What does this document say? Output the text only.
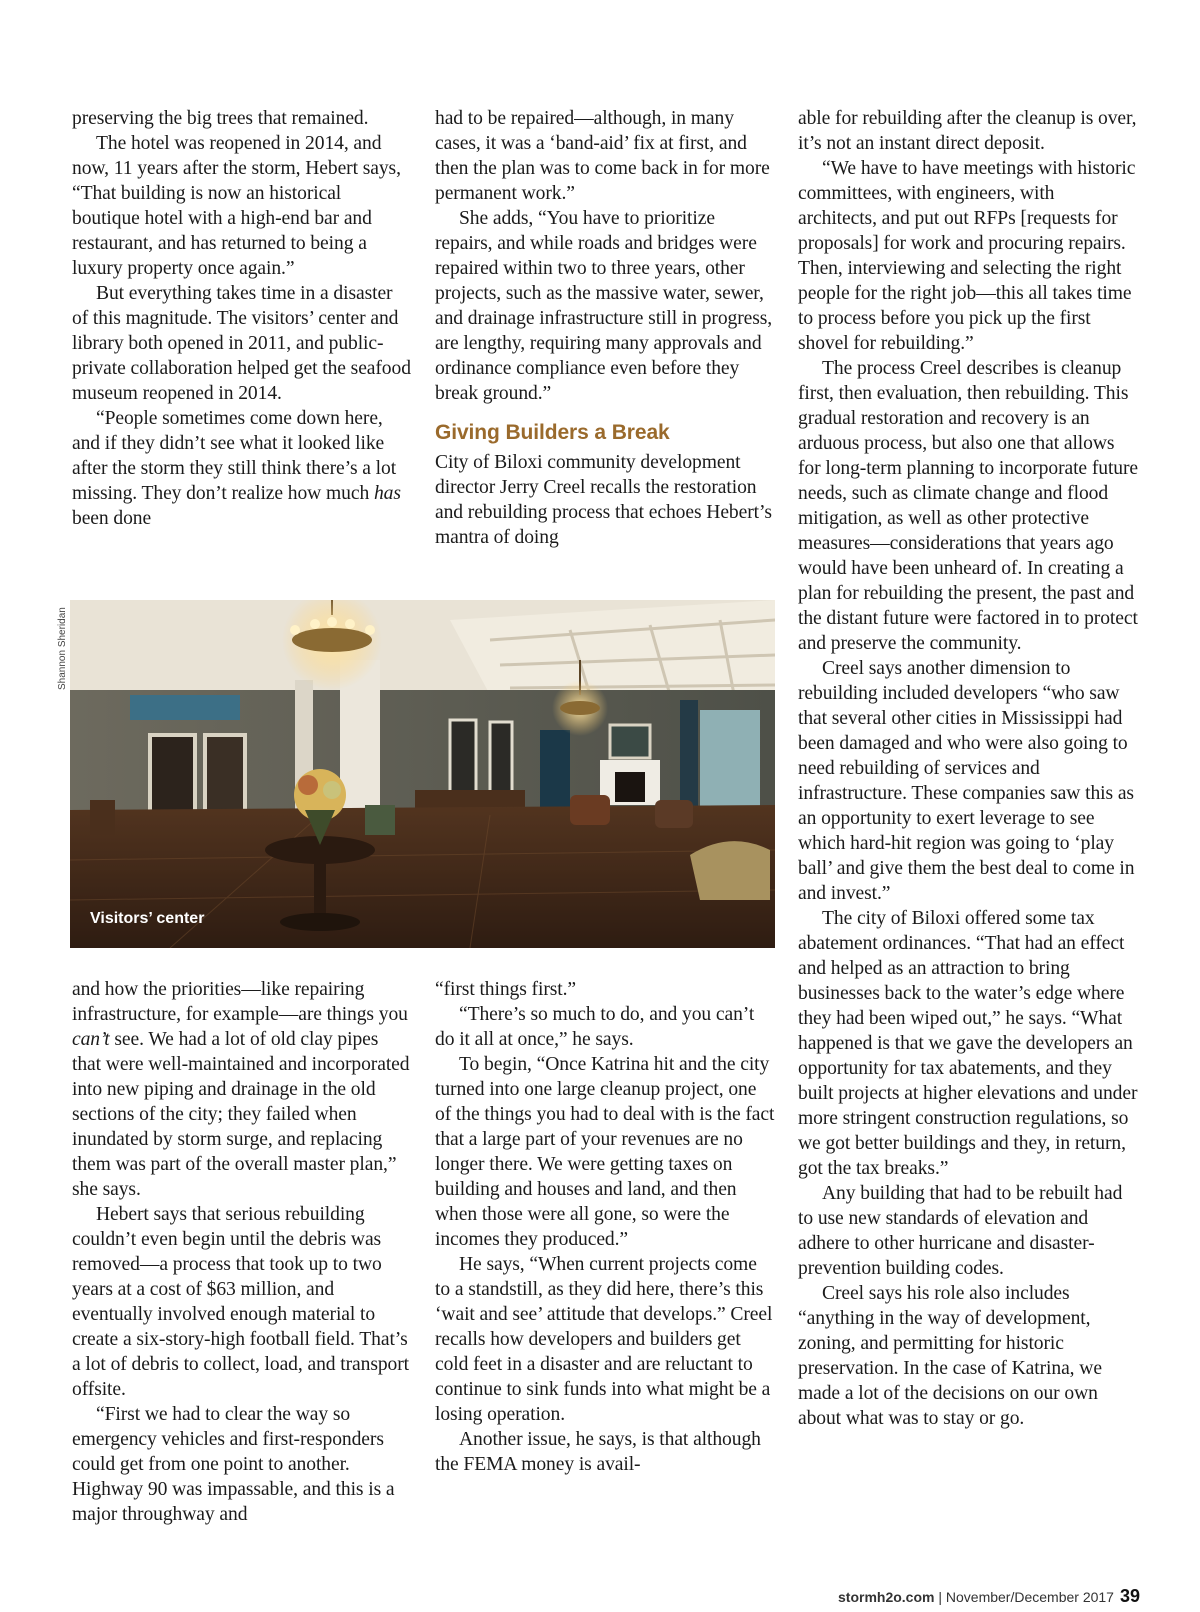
preserving the big trees that remained.

The hotel was reopened in 2014, and now, 11 years after the storm, Hebert says, “That building is now an historical boutique hotel with a high-end bar and restaurant, and has returned to being a luxury property once again.”

But everything takes time in a disaster of this magnitude. The visitors’ center and library both opened in 2011, and public-private collaboration helped get the seafood museum reopened in 2014.

“People sometimes come down here, and if they didn’t see what it looked like after the storm they still think there’s a lot missing. They don’t realize how much has been done

had to be repaired—although, in many cases, it was a ‘band-aid’ fix at first, and then the plan was to come back in for more permanent work.”

She adds, “You have to prioritize repairs, and while roads and bridges were repaired within two to three years, other projects, such as the massive water, sewer, and drainage infrastructure still in progress, are lengthy, requiring many approvals and ordinance compliance even before they break ground.”

Giving Builders a Break

City of Biloxi community development director Jerry Creel recalls the restoration and rebuilding process that echoes Hebert’s mantra of doing

able for rebuilding after the cleanup is over, it’s not an instant direct deposit.

“We have to have meetings with historic committees, with engineers, with architects, and put out RFPs [requests for proposals] for work and procuring repairs. Then, interviewing and selecting the right people for the right job—this all takes time to process before you pick up the first shovel for rebuilding.”

The process Creel describes is cleanup first, then evaluation, then rebuilding. This gradual restoration and recovery is an arduous process, but also one that allows for long-term planning to incorporate future needs, such as climate change and flood mitigation, as well as other protective measures—considerations that years ago would have been unheard of. In creating a plan for rebuilding the present, the past and the distant future were factored in to protect and preserve the community.

Creel says another dimension to rebuilding included developers “who saw that several other cities in Mississippi had been damaged and who were also going to need rebuilding of services and infrastructure. These companies saw this as an opportunity to exert leverage to see which hard-hit region was going to ‘play ball’ and give them the best deal to come in and invest.”

The city of Biloxi offered some tax abatement ordinances. “That had an effect and helped as an attraction to bring businesses back to the water’s edge where they had been wiped out,” he says. “What happened is that we gave the developers an opportunity for tax abatements, and they built projects at higher elevations and under more stringent construction regulations, so we got better buildings and they, in return, got the tax breaks.”

Any building that had to be rebuilt had to use new standards of elevation and adhere to other hurricane and disaster-prevention building codes.

Creel says his role also includes “anything in the way of development, zoning, and permitting for historic preservation. In the case of Katrina, we made a lot of the decisions on our own about what was to stay or go.

Shannon Sheridan
Visitors’ center

and how the priorities—like repairing infrastructure, for example—are things you can’t see. We had a lot of old clay pipes that were well-maintained and incorporated into new piping and drainage in the old sections of the city; they failed when inundated by storm surge, and replacing them was part of the overall master plan,” she says.

Hebert says that serious rebuilding couldn’t even begin until the debris was removed—a process that took up to two years at a cost of $63 million, and eventually involved enough material to create a six-story-high football field. That’s a lot of debris to collect, load, and transport offsite.

“First we had to clear the way so emergency vehicles and first-responders could get from one point to another. Highway 90 was impassable, and this is a major throughway and

“first things first.”

“There’s so much to do, and you can’t do it all at once,” he says.

To begin, “Once Katrina hit and the city turned into one large cleanup project, one of the things you had to deal with is the fact that a large part of your revenues are no longer there. We were getting taxes on building and houses and land, and then when those were all gone, so were the incomes they produced.”

He says, “When current projects come to a standstill, as they did here, there’s this ‘wait and see’ attitude that develops.” Creel recalls how developers and builders get cold feet in a disaster and are reluctant to continue to sink funds into what might be a losing operation.

Another issue, he says, is that although the FEMA money is avail-

stormh2o.com | November/December 2017 39
